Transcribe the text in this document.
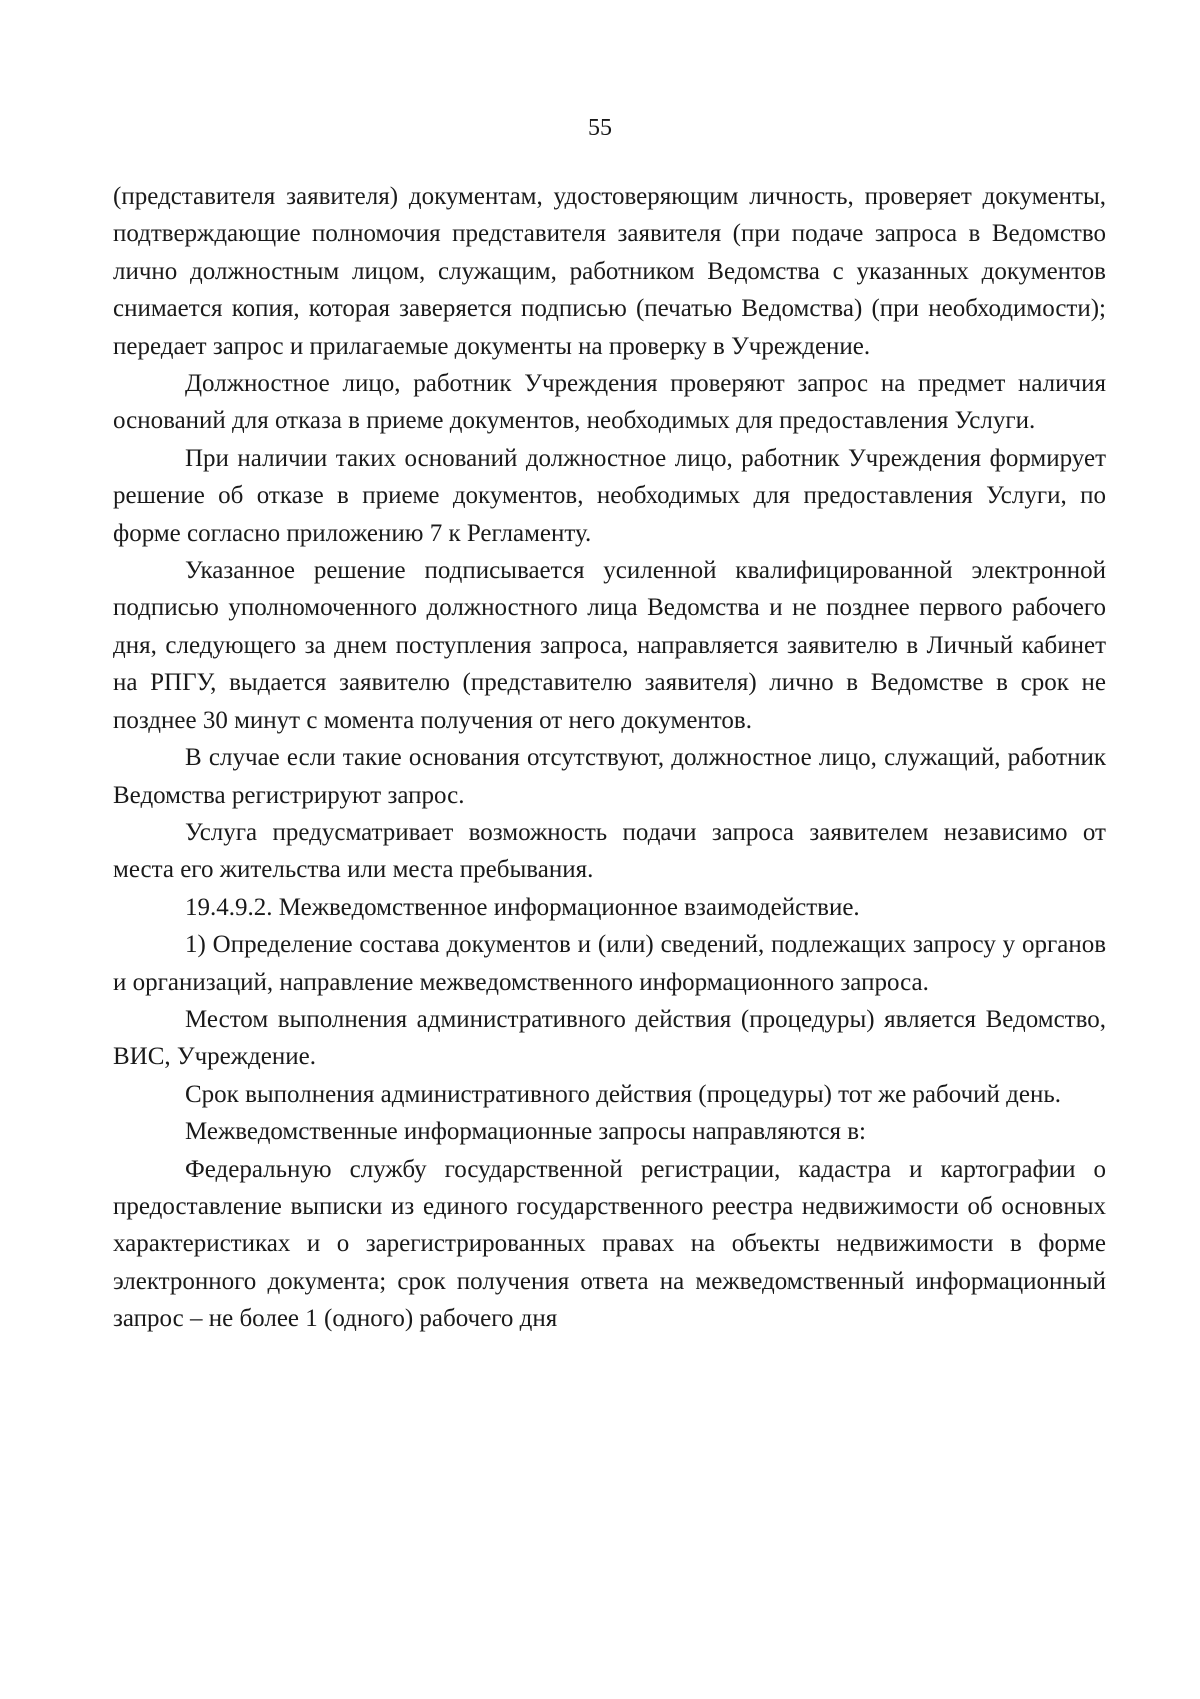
55

(представителя заявителя) документам, удостоверяющим личность, проверяет документы, подтверждающие полномочия представителя заявителя (при подаче запроса в Ведомство лично должностным лицом, служащим, работником Ведомства с указанных документов снимается копия, которая заверяется подписью (печатью Ведомства) (при необходимости); передает запрос и прилагаемые документы на проверку в Учреждение.

Должностное лицо, работник Учреждения проверяют запрос на предмет наличия оснований для отказа в приеме документов, необходимых для предоставления Услуги.

При наличии таких оснований должностное лицо, работник Учреждения формирует решение об отказе в приеме документов, необходимых для предоставления Услуги, по форме согласно приложению 7 к Регламенту.

Указанное решение подписывается усиленной квалифицированной электронной подписью уполномоченного должностного лица Ведомства и не позднее первого рабочего дня, следующего за днем поступления запроса, направляется заявителю в Личный кабинет на РПГУ, выдается заявителю (представителю заявителя) лично в Ведомстве в срок не позднее 30 минут с момента получения от него документов.

В случае если такие основания отсутствуют, должностное лицо, служащий, работник Ведомства регистрируют запрос.

Услуга предусматривает возможность подачи запроса заявителем независимо от места его жительства или места пребывания.

19.4.9.2. Межведомственное информационное взаимодействие.

1) Определение состава документов и (или) сведений, подлежащих запросу у органов и организаций, направление межведомственного информационного запроса.

Местом выполнения административного действия (процедуры) является Ведомство, ВИС, Учреждение.

Срок выполнения административного действия (процедуры) тот же рабочий день.

Межведомственные информационные запросы направляются в:

Федеральную службу государственной регистрации, кадастра и картографии о предоставление выписки из единого государственного реестра недвижимости об основных характеристиках и о зарегистрированных правах на объекты недвижимости в форме электронного документа; срок получения ответа на межведомственный информационный запрос – не более 1 (одного) рабочего дня
